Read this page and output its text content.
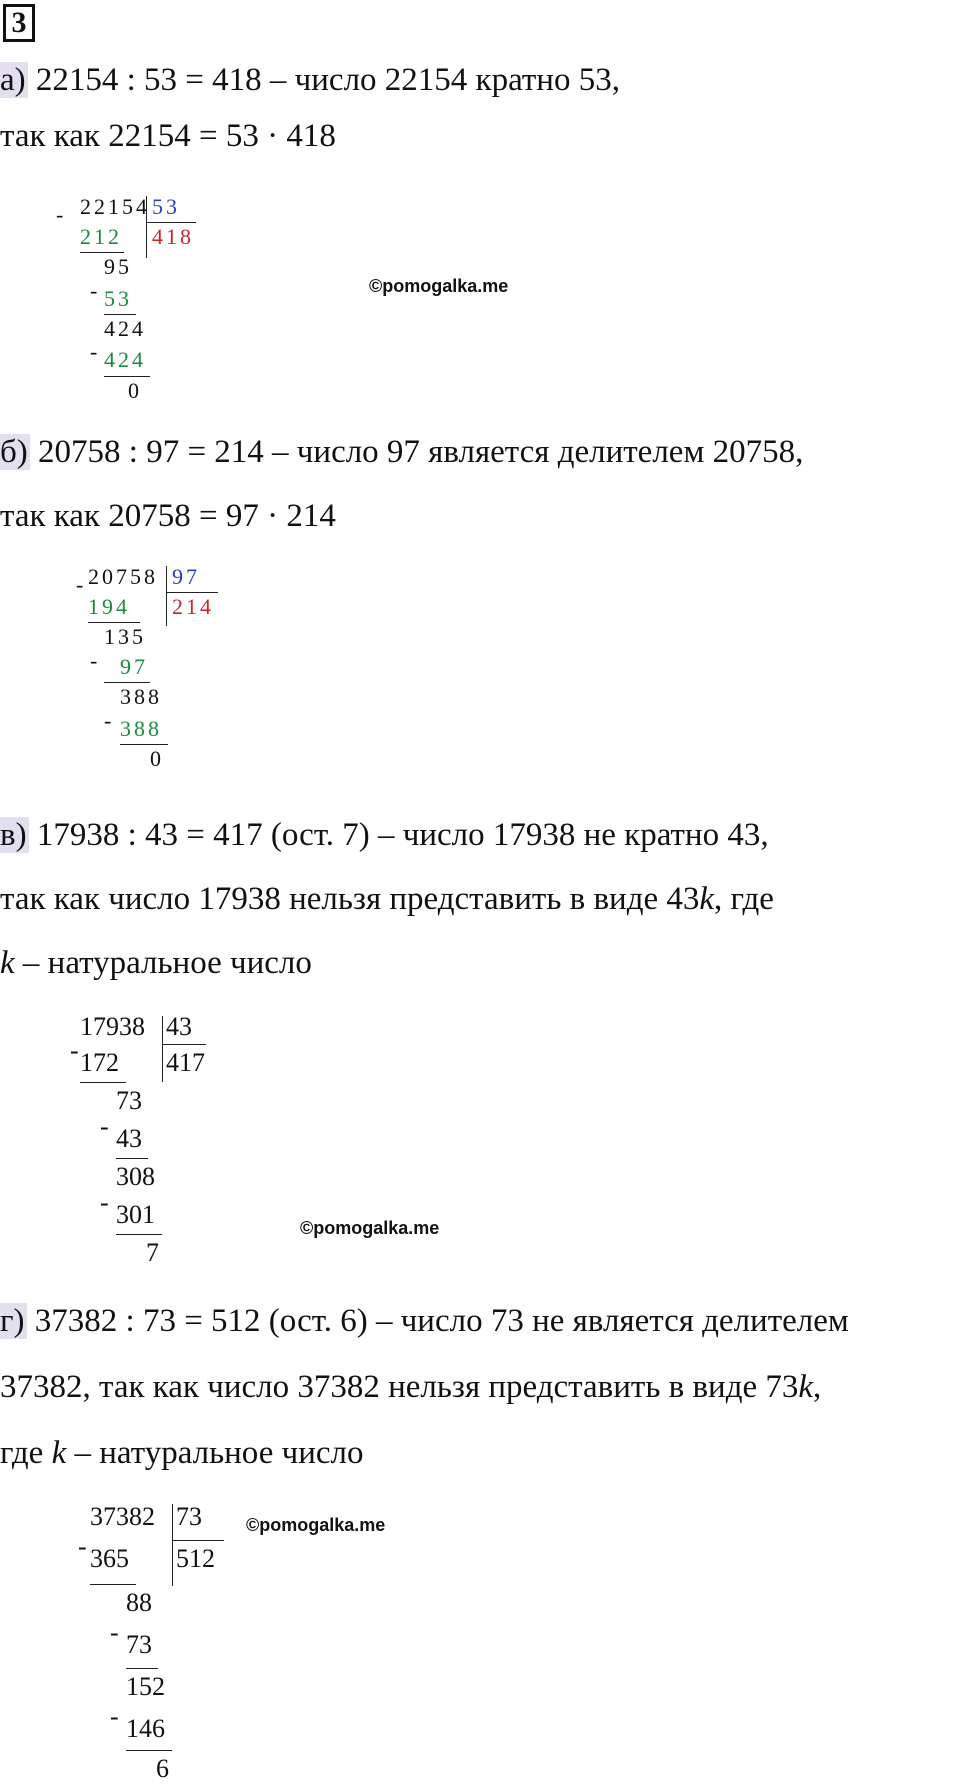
3
а) 22154 : 53 = 418 – число 22154 кратно 53,
так как 22154 = 53 · 418
- 22154 53
418
212
95
- 53
424
- 424
0
©pomogalka.me
б) 20758 : 97 = 214 – число 97 является делителем 20758,
так как 20758 = 97 · 214
- 20758 97
214
194
135
- 97
388
- 388
0
в) 17938 : 43 = 417 (ост. 7) – число 17938 не кратно 43,
так как число 17938 нельзя представить в виде 43k, где
k – натуральное число
17938 43
417
- 172
73
- 43
308
- 301
7
©pomogalka.me
г) 37382 : 73 = 512 (ост. 6) – число 73 не является делителем
37382, так как число 37382 нельзя представить в виде 73k,
где k – натуральное число
37382 73
512
- 365
88
- 73
152
- 146
6
©pomogalka.me
